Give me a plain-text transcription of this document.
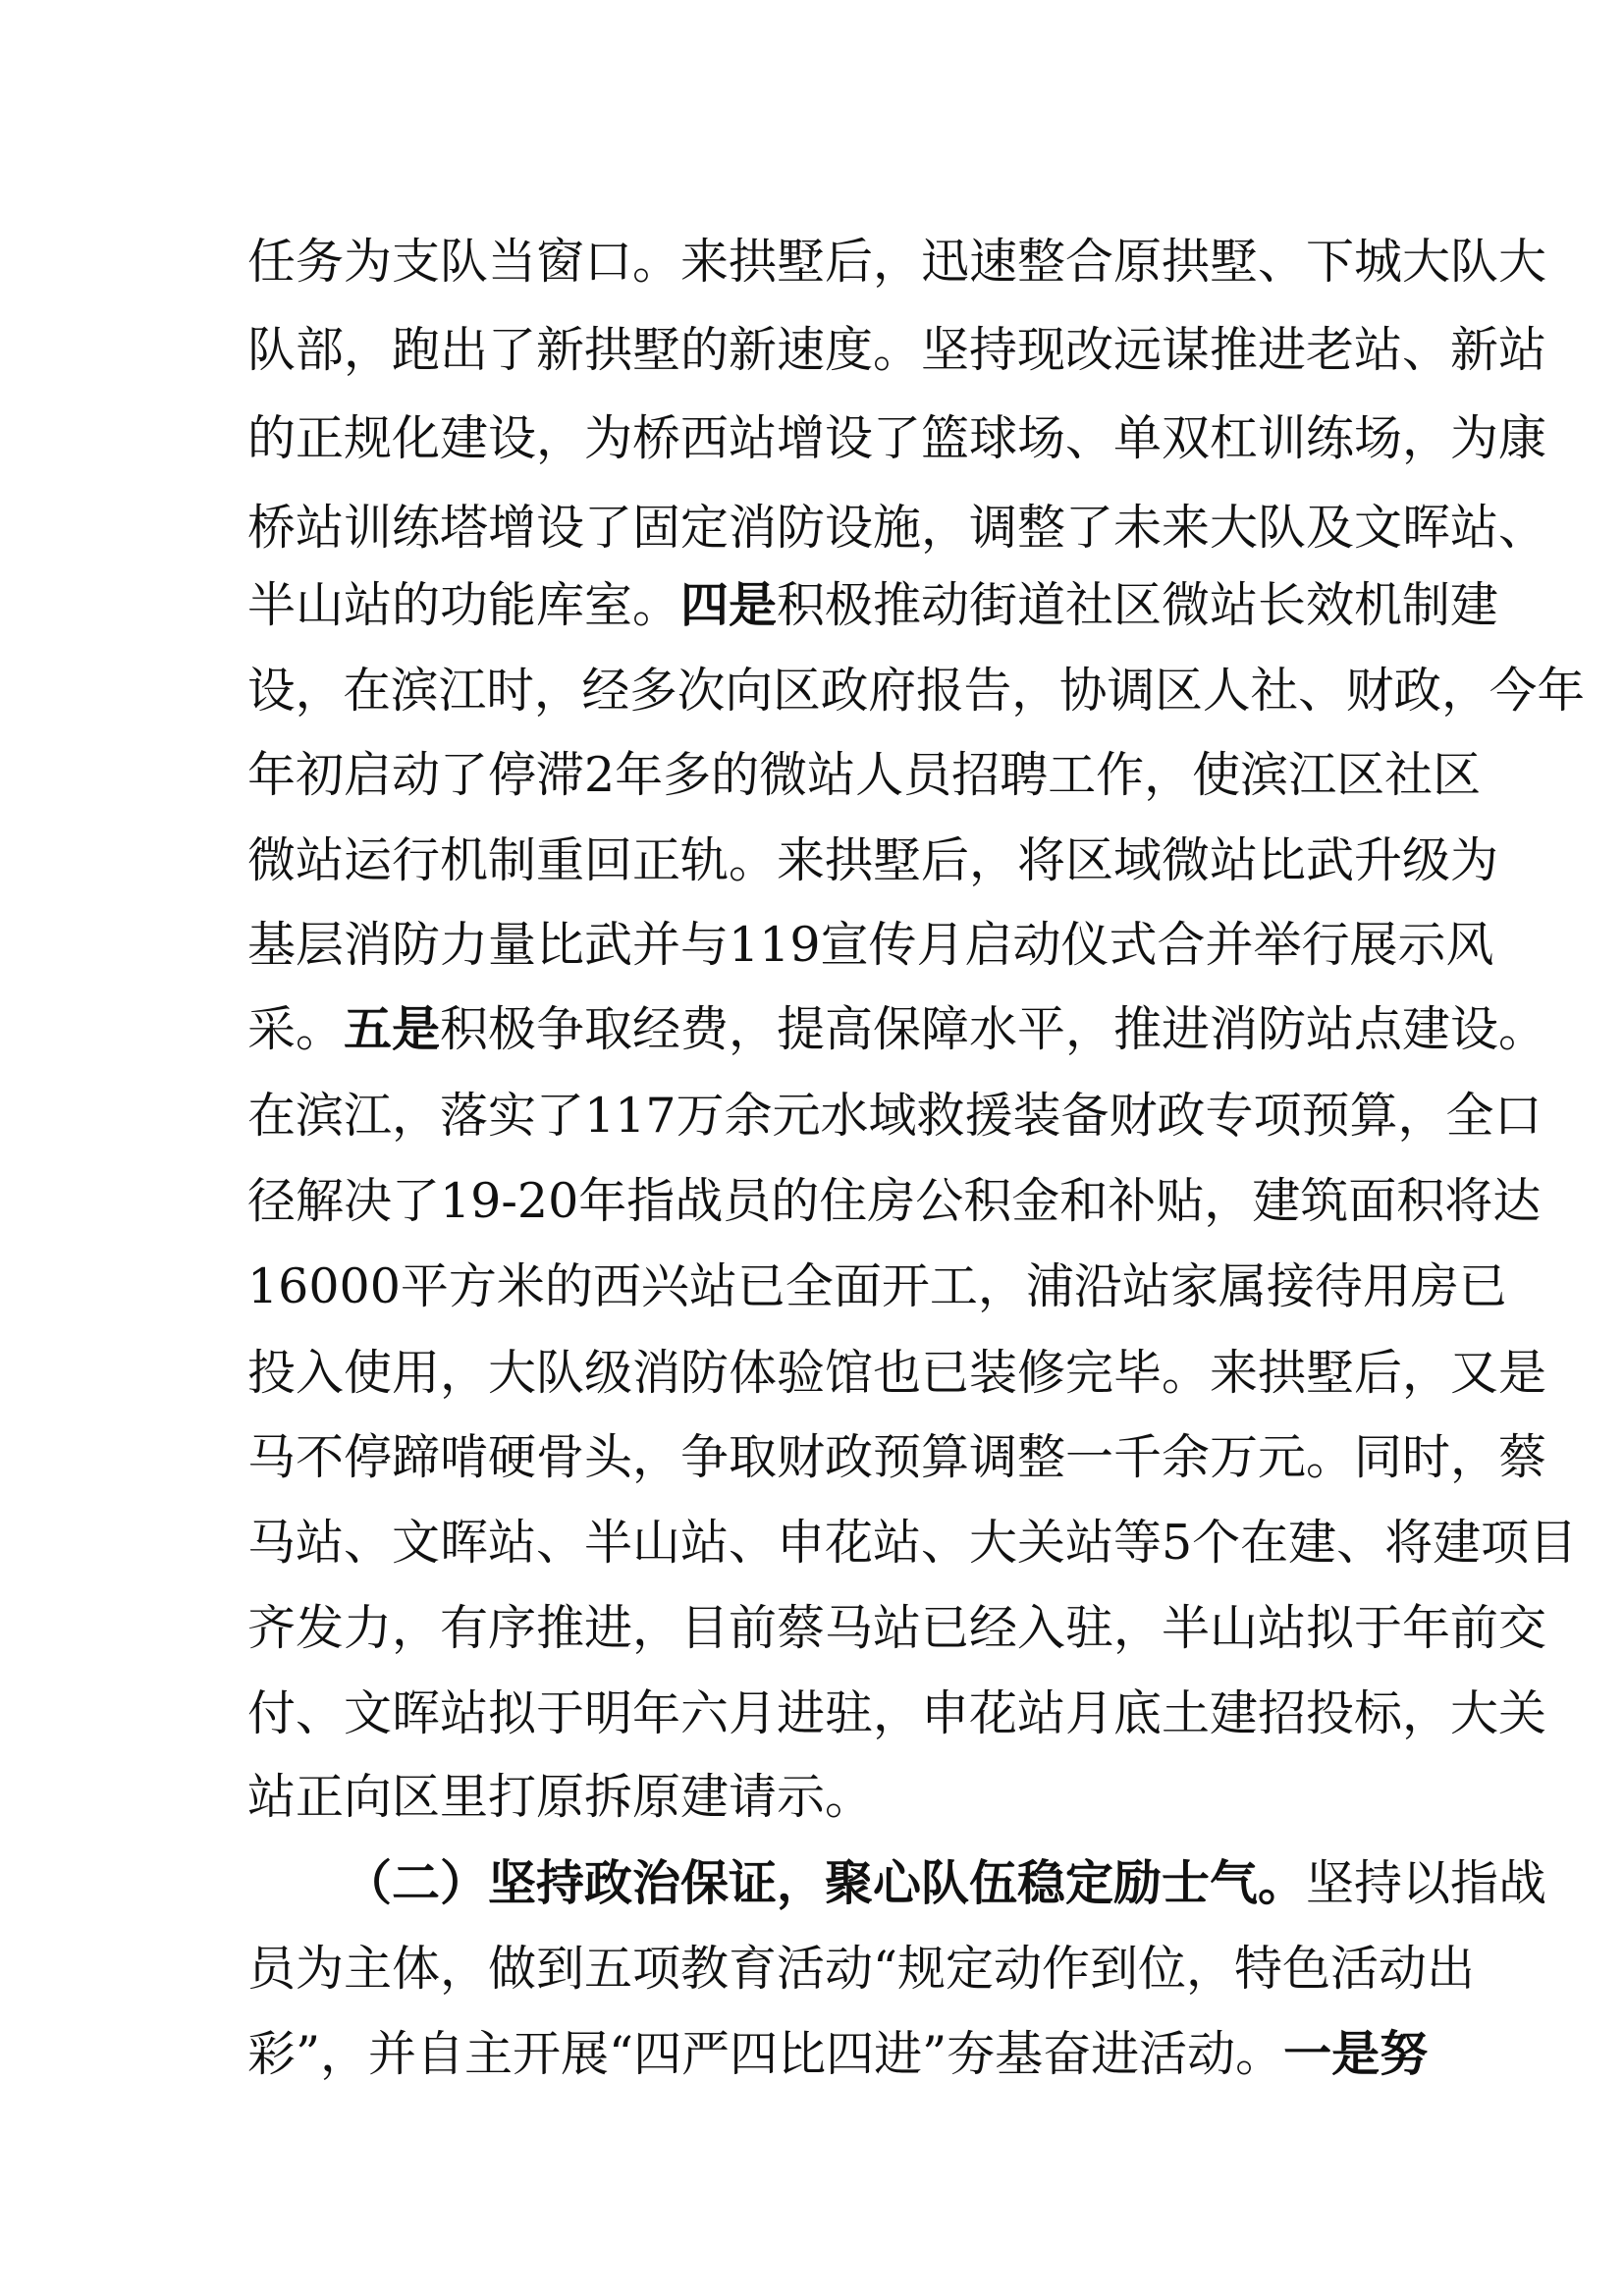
任务为支队当窗口。来拱墅后，迅速整合原拱墅、下城大队大
队部，跑出了新拱墅的新速度。坚持现改远谋推进老站、新站
的正规化建设，为桥西站增设了篮球场、单双杠训练场，为康
桥站训练塔增设了固定消防设施，调整了未来大队及文晖站、
半山站的功能库室。四是积极推动街道社区微站长效机制建
设，在滨江时，经多次向区政府报告，协调区人社、财政，今年
年初启动了停滞2年多的微站人员招聘工作，使滨江区社区
微站运行机制重回正轨。来拱墅后，将区域微站比武升级为
基层消防力量比武并与119宣传月启动仪式合并举行展示风
采。五是积极争取经费，提高保障水平，推进消防站点建设。
在滨江，落实了117万余元水域救援装备财政专项预算，全口
径解决了19-20年指战员的住房公积金和补贴，建筑面积将达
16000平方米的西兴站已全面开工，浦沿站家属接待用房已
投入使用，大队级消防体验馆也已装修完毕。来拱墅后，又是
马不停蹄啃硬骨头，争取财政预算调整一千余万元。同时，蔡
马站、文晖站、半山站、申花站、大关站等5个在建、将建项目
齐发力，有序推进，目前蔡马站已经入驻，半山站拟于年前交
付、文晖站拟于明年六月进驻，申花站月底土建招投标，大关
站正向区里打原拆原建请示。
（二）坚持政治保证，聚心队伍稳定励士气。坚持以指战
员为主体，做到五项教育活动“规定动作到位，特色活动出
彩”，并自主开展“四严四比四进”夯基奋进活动。一是努
